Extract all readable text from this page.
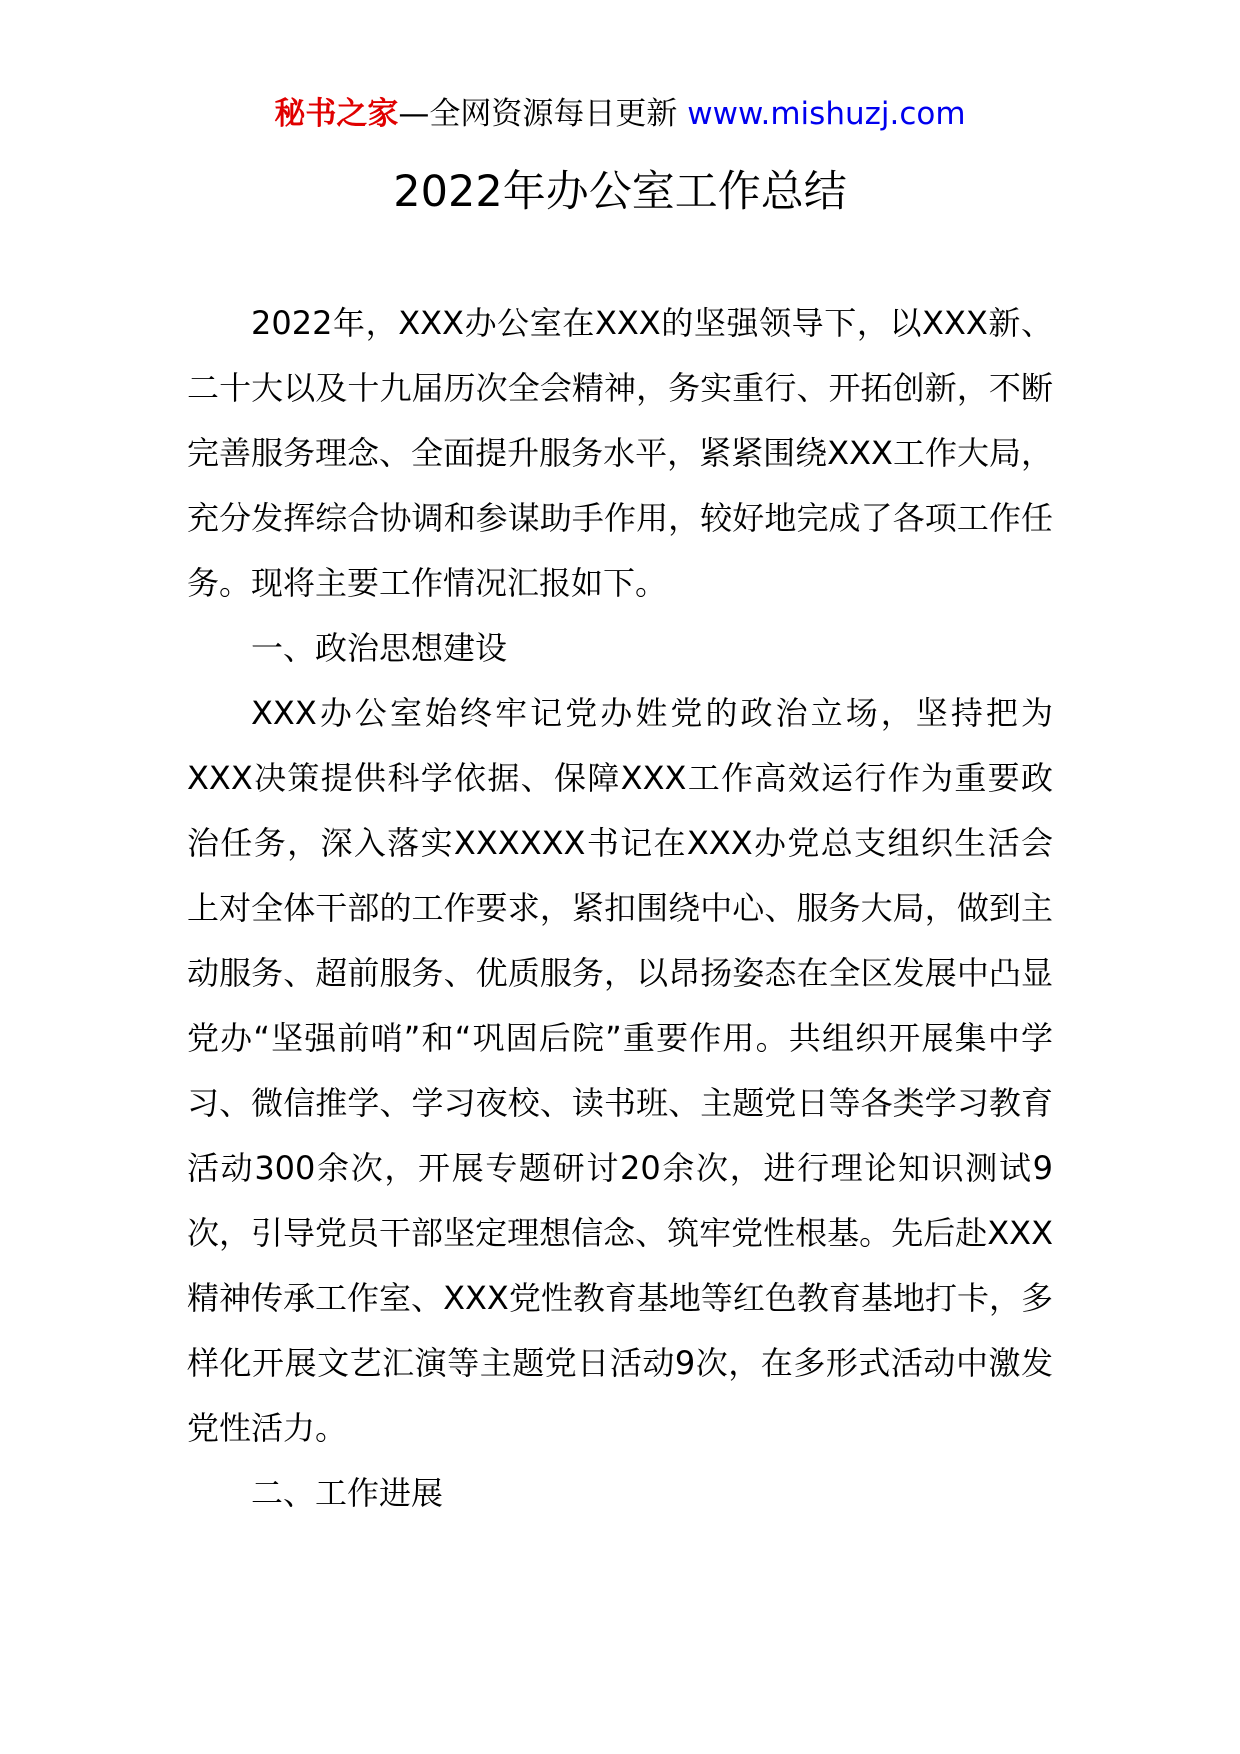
秘书之家—全网资源每日更新 www.mishuzj.com
2022年办公室工作总结

2022年，XXX办公室在XXX的坚强领导下，以XXX新、二十大以及十九届历次全会精神，务实重行、开拓创新，不断完善服务理念、全面提升服务水平，紧紧围绕XXX工作大局，充分发挥综合协调和参谋助手作用，较好地完成了各项工作任务。现将主要工作情况汇报如下。

一、政治思想建设

XXX办公室始终牢记党办姓党的政治立场，坚持把为XXX决策提供科学依据、保障XXX工作高效运行作为重要政治任务，深入落实XXXXXX书记在XXX办党总支组织生活会上对全体干部的工作要求，紧扣围绕中心、服务大局，做到主动服务、超前服务、优质服务，以昂扬姿态在全区发展中凸显党办“坚强前哨”和“巩固后院”重要作用。共组织开展集中学习、微信推学、学习夜校、读书班、主题党日等各类学习教育活动300余次，开展专题研讨20余次，进行理论知识测试9次，引导党员干部坚定理想信念、筑牢党性根基。先后赴XXX精神传承工作室、XXX党性教育基地等红色教育基地打卡，多样化开展文艺汇演等主题党日活动9次，在多形式活动中激发党性活力。

二、工作进展
